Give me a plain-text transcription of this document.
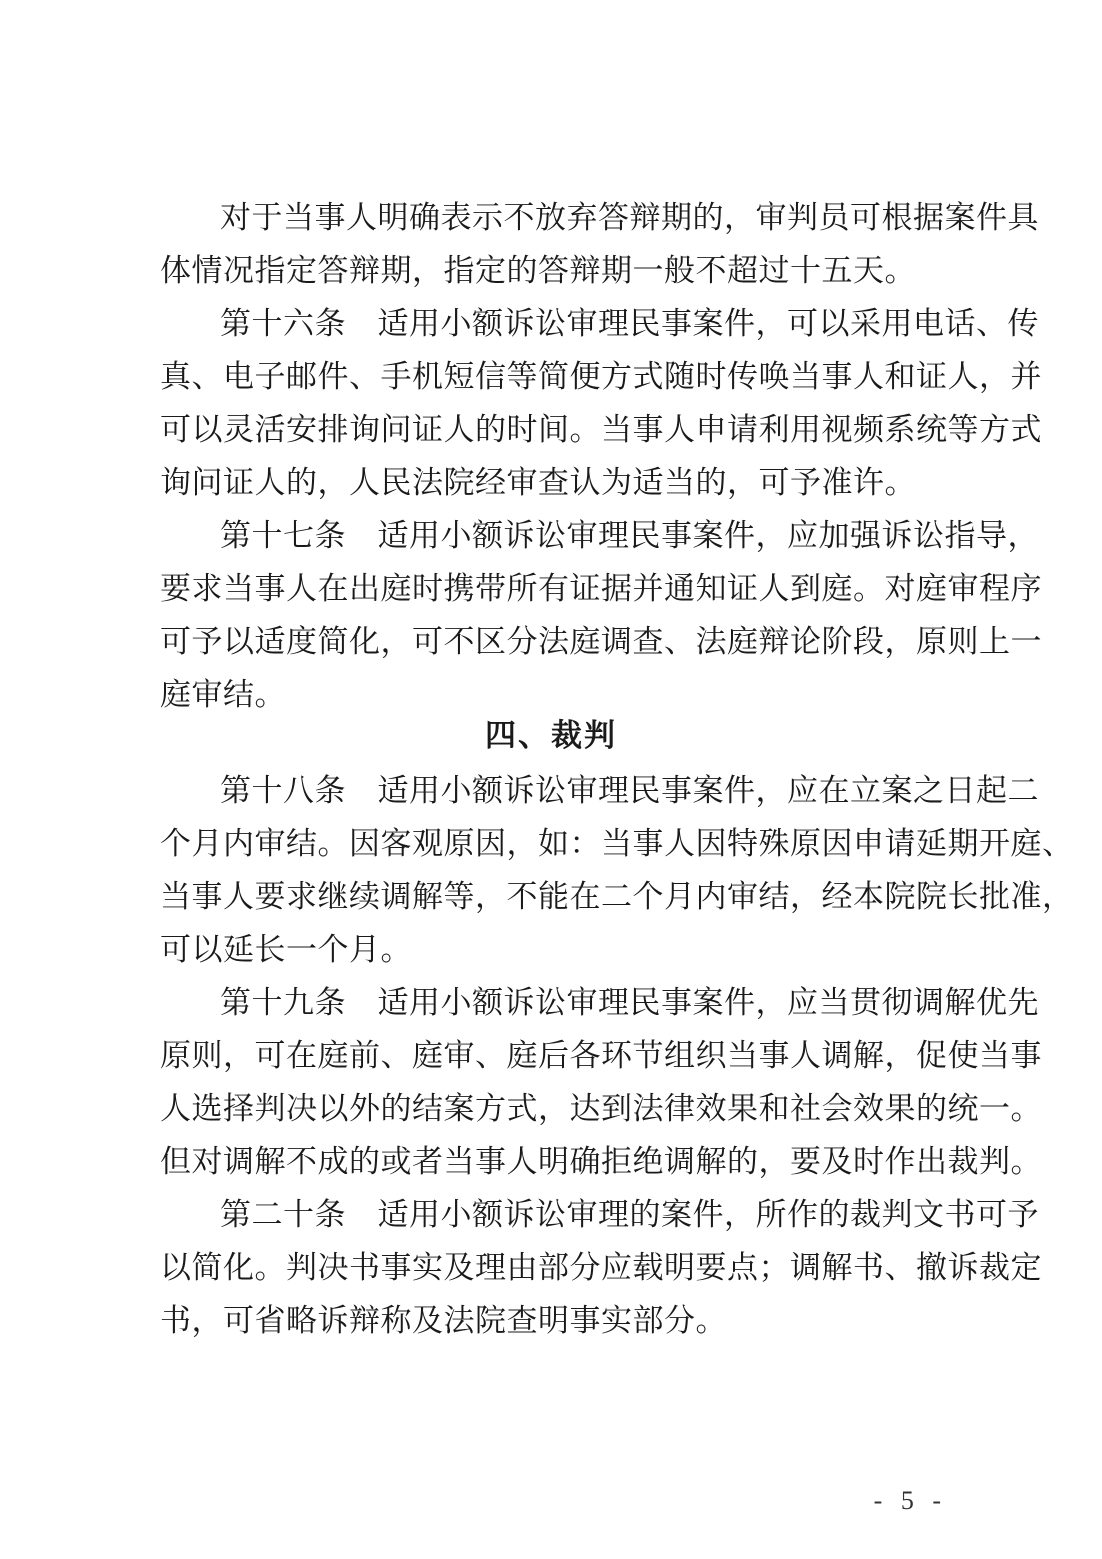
对于当事人明确表示不放弃答辩期的，审判员可根据案件具
体情况指定答辩期，指定的答辩期一般不超过十五天。
第十六条　适用小额诉讼审理民事案件，可以采用电话、传
真、电子邮件、手机短信等简便方式随时传唤当事人和证人，并
可以灵活安排询问证人的时间。当事人申请利用视频系统等方式
询问证人的，人民法院经审查认为适当的，可予准许。
第十七条　适用小额诉讼审理民事案件，应加强诉讼指导，
要求当事人在出庭时携带所有证据并通知证人到庭。对庭审程序
可予以适度简化，可不区分法庭调查、法庭辩论阶段，原则上一
庭审结。
四、裁判
第十八条　适用小额诉讼审理民事案件，应在立案之日起二
个月内审结。因客观原因，如：当事人因特殊原因申请延期开庭、
当事人要求继续调解等，不能在二个月内审结，经本院院长批准，
可以延长一个月。
第十九条　适用小额诉讼审理民事案件，应当贯彻调解优先
原则，可在庭前、庭审、庭后各环节组织当事人调解，促使当事
人选择判决以外的结案方式，达到法律效果和社会效果的统一。
但对调解不成的或者当事人明确拒绝调解的，要及时作出裁判。
第二十条　适用小额诉讼审理的案件，所作的裁判文书可予
以简化。判决书事实及理由部分应载明要点；调解书、撤诉裁定
书，可省略诉辩称及法院查明事实部分。
- 5 -
